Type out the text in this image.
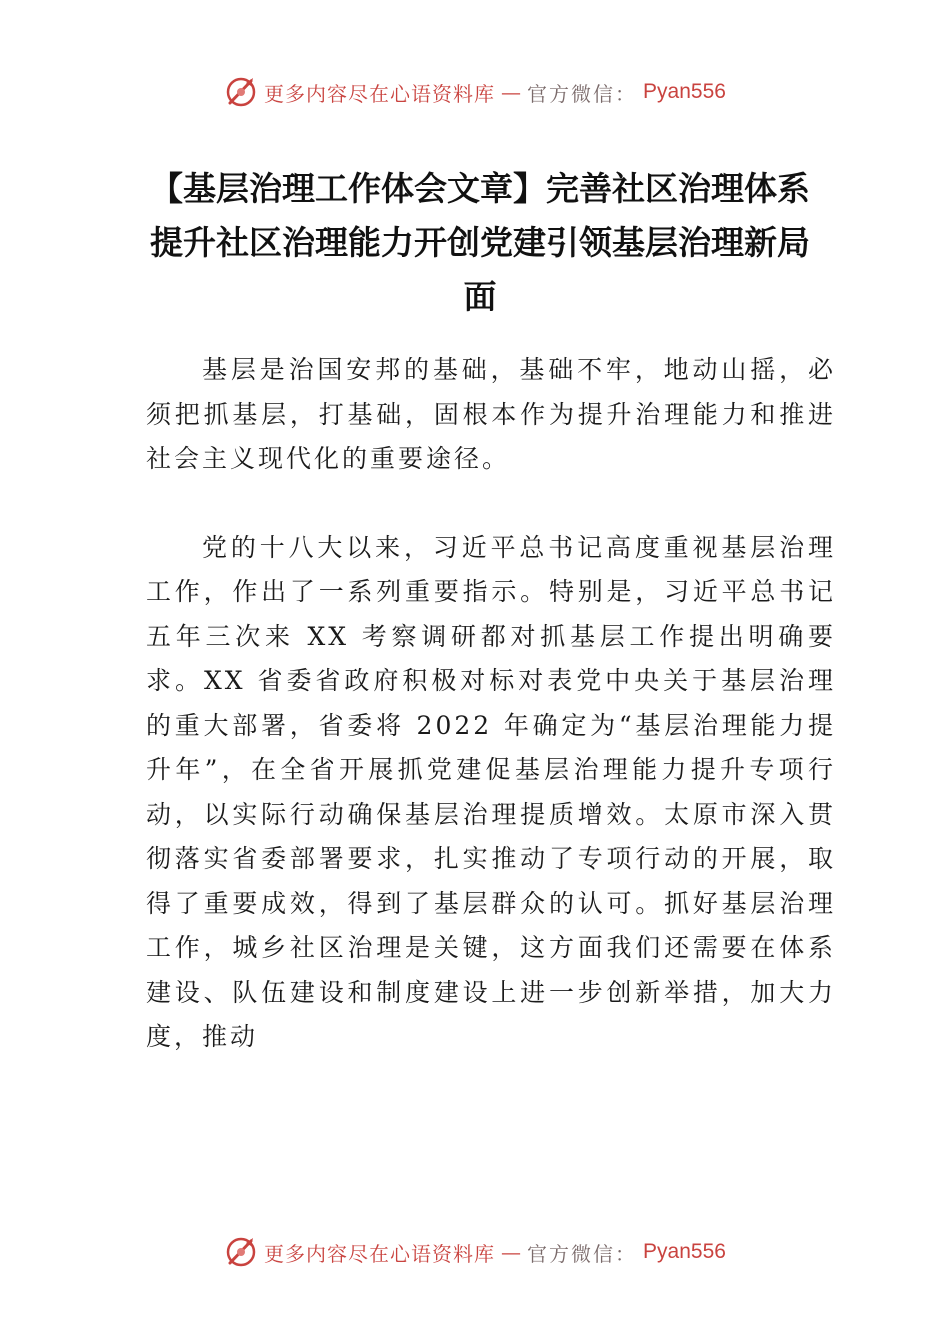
更多内容尽在心语资料库 — 官方微信： Pyan556
【基层治理工作体会文章】完善社区治理体系 提升社区治理能力开创党建引领基层治理新局面

基层是治国安邦的基础，基础不牢，地动山摇，必须把抓基层，打基础，固根本作为提升治理能力和推进社会主义现代化的重要途径。

党的十八大以来，习近平总书记高度重视基层治理工作，作出了一系列重要指示。特别是，习近平总书记五年三次来 XX 考察调研都对抓基层工作提出明确要求。XX 省委省政府积极对标对表党中央关于基层治理的重大部署，省委将 2022 年确定为“基层治理能力提升年”，在全省开展抓党建促基层治理能力提升专项行动，以实际行动确保基层治理提质增效。太原市深入贯彻落实省委部署要求，扎实推动了专项行动的开展，取得了重要成效，得到了基层群众的认可。抓好基层治理工作，城乡社区治理是关键，这方面我们还需要在体系建设、队伍建设和制度建设上进一步创新举措，加大力度，推动

更多内容尽在心语资料库 — 官方微信： Pyan556
